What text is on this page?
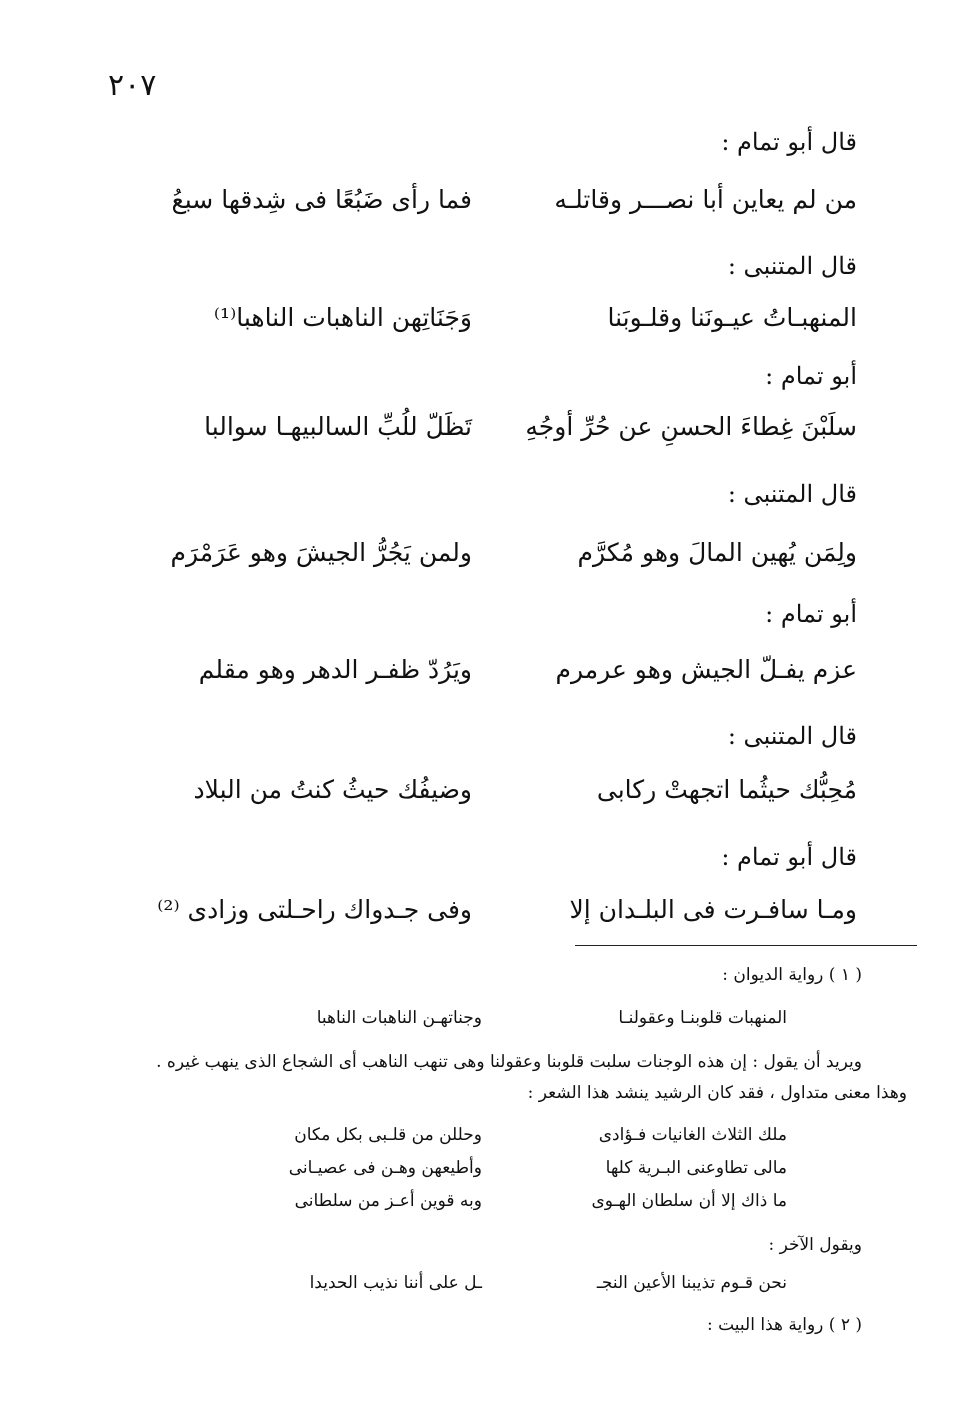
٢٠٧
قال أبو تمام :
من لم يعاين أبا نصـــر وقاتلـه
فما رأى ضَبُعًا فى شِدقها سبعُ
قال المتنبى :
المنهبـاتُ عيـونَنا وقلـوبَنا
وَجَنَاتِهن الناهبات الناهبا⁽¹⁾
أبو تمام :
سلَبْنَ غِطاءَ الحسنِ عن حُرِّ أوجُهِ
تَظَلّ للُبِّ السالبيهـا سوالبا
قال المتنبى :
ولِمَن يُهين المالَ وهو مُكرَّم
ولمن يَجُرُّ الجيشَ وهو عَرَمْرَم
أبو تمام :
عزم يفـلّ الجيش وهو عرمرم
ويَرُدّ ظفـر الدهر وهو مقلم
قال المتنبى :
مُحِبُّك حيثُما اتجهتْ ركابى
وضيفُك حيثُ كنتُ من البلاد
قال أبو تمام :
ومـا سافـرت فى البلـدان إلا
وفى جـدواك راحـلتى وزادى ⁽²⁾
( ١ ) رواية الديوان :
المنهبات قلوبنـا وعقولنـا
وجناتهـن الناهبات الناهبا
ويريد أن يقول : إن هذه الوجنات سلبت قلوبنا وعقولنا وهى تنهب الناهب أى الشجاع الذى ينهب غيره .
وهذا معنى متداول ، فقد كان الرشيد ينشد هذا الشعر :
ملك الثلاث الغانيات فـؤادى
وحللن من قلـبى بكل مكان
مالى تطاوعنى البـرية كلها
وأطيعهن وهـن فى عصيـانى
ما ذاك إلا أن سلطان الهـوى
وبه قوين أعـز من سلطانى
ويقول الآخر :
نحن قـوم تذيبنا الأعين النجـ
ـل على أننا نذيب الحديدا
( ٢ ) رواية هذا البيت :
